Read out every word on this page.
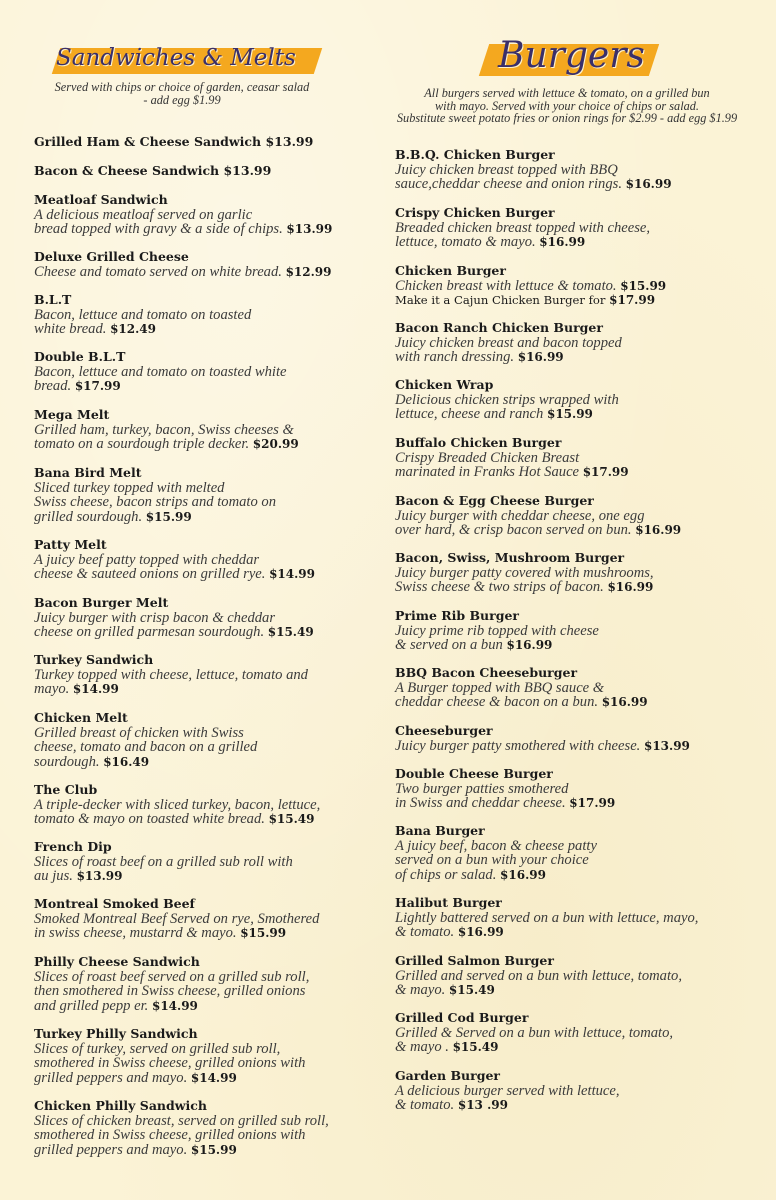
Sandwiches & Melts	Burgers
Served with chips or choice of garden, ceasar salad
- add egg $1.99	All burgers served with lettuce & tomato, on a grilled bun
with mayo. Served with your choice of chips or salad.
Substitute sweet potato fries or onion rings for $2.99 - add egg $1.99
Grilled Ham & Cheese Sandwich $13.99
Bacon & Cheese Sandwich $13.99
Meatloaf Sandwich
A delicious meatloaf served on garlic
bread topped with gravy & a side of chips. $13.99
Deluxe Grilled Cheese
Cheese and tomato served on white bread. $12.99
B.L.T
Bacon, lettuce and tomato on toasted
white bread. $12.49
Double B.L.T
Bacon, lettuce and tomato on toasted white
bread. $17.99
Mega Melt
Grilled ham, turkey, bacon, Swiss cheeses &
tomato on a sourdough triple decker. $20.99
Bana Bird Melt
Sliced turkey topped with melted
Swiss cheese, bacon strips and tomato on
grilled sourdough. $15.99
Patty Melt
A juicy beef patty topped with cheddar
cheese & sauteed onions on grilled rye. $14.99
Bacon Burger Melt
Juicy burger with crisp bacon & cheddar
cheese on grilled parmesan sourdough. $15.49
Turkey Sandwich
Turkey topped with cheese, lettuce, tomato and
mayo. $14.99
Chicken Melt
Grilled breast of chicken with Swiss
cheese, tomato and bacon on a grilled
sourdough. $16.49
The Club
A triple-decker with sliced turkey, bacon, lettuce,
tomato & mayo on toasted white bread. $15.49
French Dip
Slices of roast beef on a grilled sub roll with
au jus. $13.99
Montreal Smoked Beef
Smoked Montreal Beef Served on rye, Smothered
in swiss cheese, mustarrd & mayo. $15.99
Philly Cheese Sandwich
Slices of roast beef served on a grilled sub roll,
then smothered in Swiss cheese, grilled onions
and grilled pepp er. $14.99
Turkey Philly Sandwich
Slices of turkey, served on grilled sub roll,
smothered in Swiss cheese, grilled onions with
grilled peppers and mayo. $14.99
Chicken Philly Sandwich
Slices of chicken breast, served on grilled sub roll,
smothered in Swiss cheese, grilled onions with
grilled peppers and mayo. $15.99
B.B.Q. Chicken Burger
Juicy chicken breast topped with BBQ
sauce,cheddar cheese and onion rings. $16.99
Crispy Chicken Burger
Breaded chicken breast topped with cheese,
lettuce, tomato & mayo. $16.99
Chicken Burger
Chicken breast with lettuce & tomato. $15.99
Make it a Cajun Chicken Burger for $17.99
Bacon Ranch Chicken Burger
Juicy chicken breast and bacon topped
with ranch dressing. $16.99
Chicken Wrap
Delicious chicken strips wrapped with
lettuce, cheese and ranch $15.99
Buffalo Chicken Burger
Crispy Breaded Chicken Breast
marinated in Franks Hot Sauce $17.99
Bacon & Egg Cheese Burger
Juicy burger with cheddar cheese, one egg
over hard, & crisp bacon served on bun. $16.99
Bacon, Swiss, Mushroom Burger
Juicy burger patty covered with mushrooms,
Swiss cheese & two strips of bacon. $16.99
Prime Rib Burger
Juicy prime rib topped with cheese
& served on a bun $16.99
BBQ Bacon Cheeseburger
A Burger topped with BBQ sauce &
cheddar cheese & bacon on a bun. $16.99
Cheeseburger
Juicy burger patty smothered with cheese. $13.99
Double Cheese Burger
Two burger patties smothered
in Swiss and cheddar cheese. $17.99
Bana Burger
A juicy beef, bacon & cheese patty
served on a bun with your choice
of chips or salad. $16.99
Halibut Burger
Lightly battered served on a bun with lettuce, mayo,
& tomato. $16.99
Grilled Salmon Burger
Grilled and served on a bun with lettuce, tomato,
& mayo. $15.49
Grilled Cod Burger
Grilled & Served on a bun with lettuce, tomato,
& mayo . $15.49
Garden Burger
A delicious burger served with lettuce,
& tomato. $13 .99
